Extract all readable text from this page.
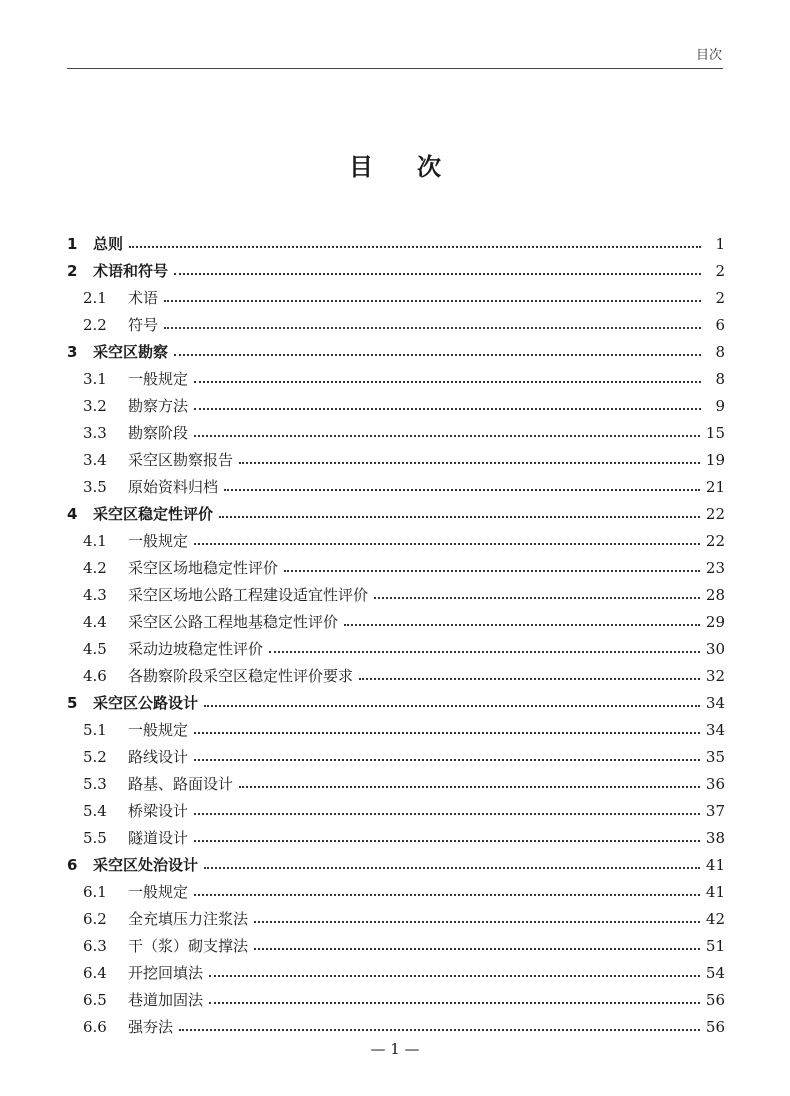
目次
目次
1	总则	1
2	术语和符号	2
2.1	术语	2
2.2	符号	6
3	采空区勘察	8
3.1	一般规定	8
3.2	勘察方法	9
3.3	勘察阶段	15
3.4	采空区勘察报告	19
3.5	原始资料归档	21
4	采空区稳定性评价	22
4.1	一般规定	22
4.2	采空区场地稳定性评价	23
4.3	采空区场地公路工程建设适宜性评价	28
4.4	采空区公路工程地基稳定性评价	29
4.5	采动边坡稳定性评价	30
4.6	各勘察阶段采空区稳定性评价要求	32
5	采空区公路设计	34
5.1	一般规定	34
5.2	路线设计	35
5.3	路基、路面设计	36
5.4	桥梁设计	37
5.5	隧道设计	38
6	采空区处治设计	41
6.1	一般规定	41
6.2	全充填压力注浆法	42
6.3	干（浆）砌支撑法	51
6.4	开挖回填法	54
6.5	巷道加固法	56
6.6	强夯法	56
— 1 —
